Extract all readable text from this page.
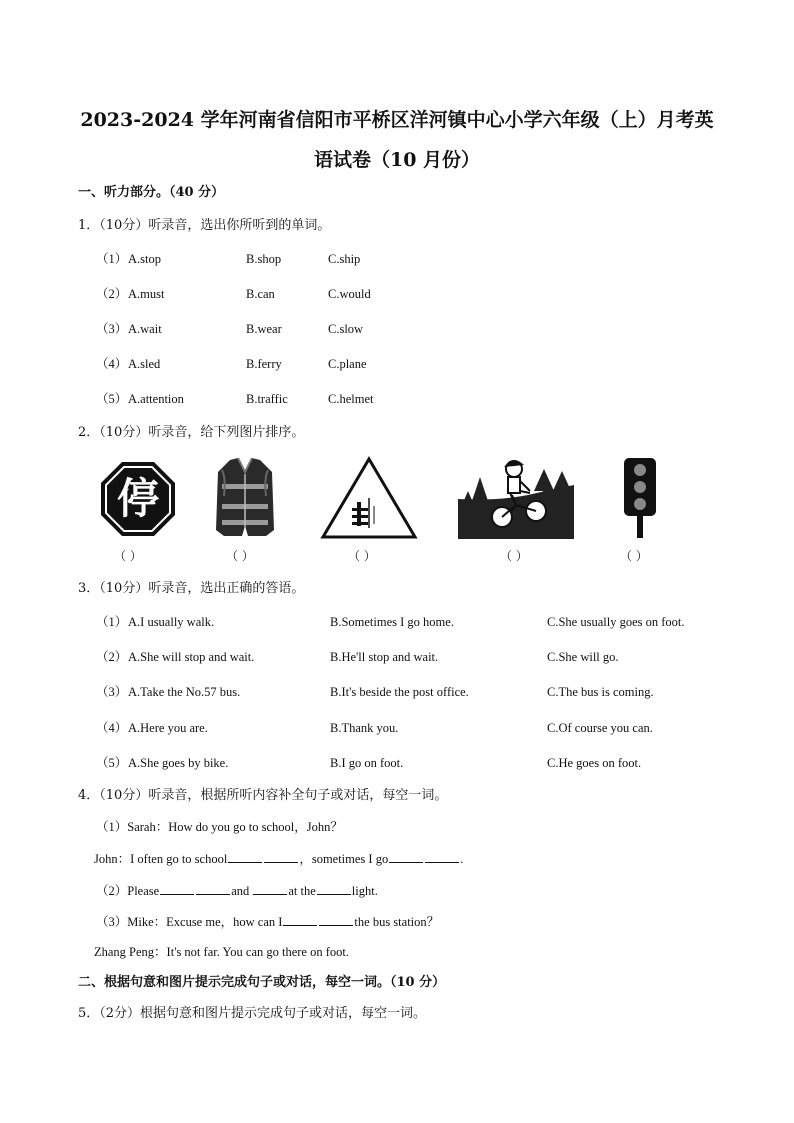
2023-2024 学年河南省信阳市平桥区洋河镇中心小学六年级（上）月考英
语试卷（10 月份）
一、听力部分。（40 分）
1．（10分）听录音，选出你所听到的单词。
（1） A.stop	B.shop	C.ship
（2） A.must	B.can	C.would
（3） A.wait	B.wear	C.slow
（4） A.sled	B.ferry	C.plane
（5） A.attention	B.traffic	C.helmet
2．（10分）听录音，给下列图片排序。
停
（ ）	（ ）	（ ）	（ ）	（ ）
3．（10分）听录音，选出正确的答语。
（1） A.I usually walk.	B.Sometimes I go home.	C.She usually goes on foot.
（2） A.She will stop and wait.	B.He'll stop and wait.	C.She will go.
（3） A.Take the No.57 bus.	B.It's beside the post office.	C.The bus is coming.
（4） A.Here you are.	B.Thank you.	C.Of course you can.
（5） A.She goes by bike.	B.I go on foot.	C.He goes on foot.
4．（10分）听录音，根据所听内容补全句子或对话，每空一词。
（1）Sarah：How do you go to school，John？
John：I often go to school	，sometimes I go	.
（2）Please	and	at the	light.
（3）Mike：Excuse me，how can I	the bus station？
Zhang Peng：It's not far. You can go there on foot.
二、根据句意和图片提示完成句子或对话，每空一词。（10 分）
5．（2分）根据句意和图片提示完成句子或对话，每空一词。
